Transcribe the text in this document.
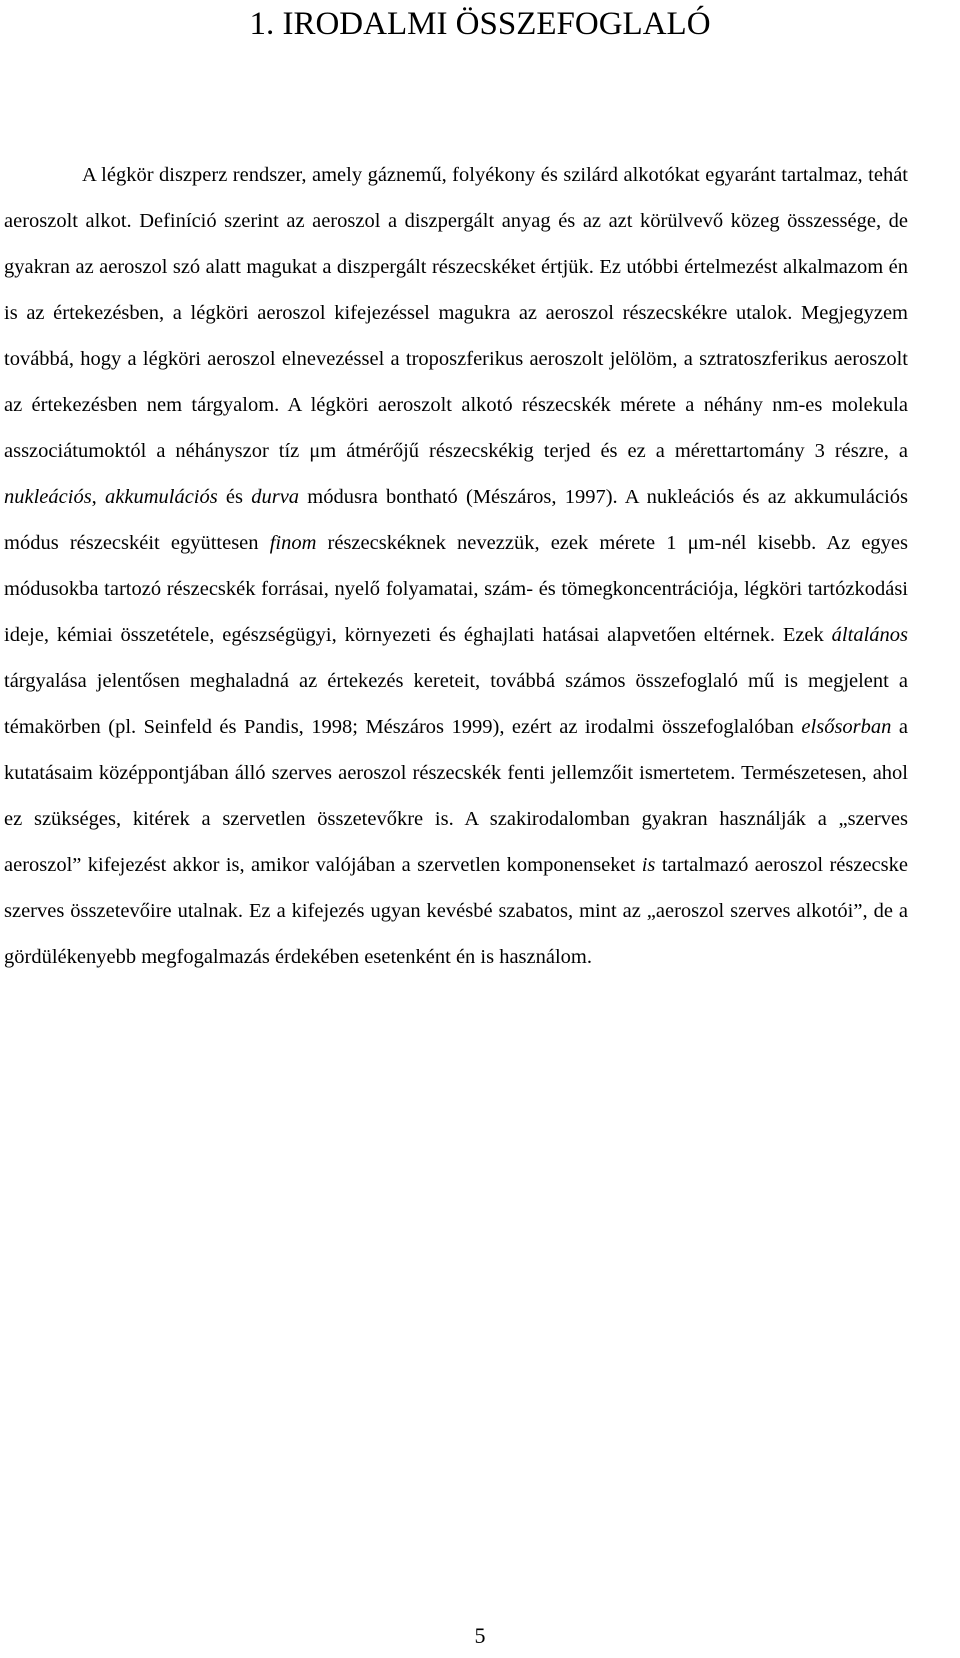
1. IRODALMI ÖSSZEFOGLALÓ

A légkör diszperz rendszer, amely gáznemű, folyékony és szilárd alkotókat egyaránt tartalmaz, tehát aeroszolt alkot. Definíció szerint az aeroszol a diszpergált anyag és az azt körülvevő közeg összessége, de gyakran az aeroszol szó alatt magukat a diszpergált részecskéket értjük. Ez utóbbi értelmezést alkalmazom én is az értekezésben, a légköri aeroszol kifejezéssel magukra az aeroszol részecskékre utalok. Megjegyzem továbbá, hogy a légköri aeroszol elnevezéssel a troposzferikus aeroszolt jelölöm, a sztratoszferikus aeroszolt az értekezésben nem tárgyalom. A légköri aeroszolt alkotó részecskék mérete a néhány nm-es molekula asszociátumoktól a néhányszor tíz μm átmérőjű részecskékig terjed és ez a mérettartomány 3 részre, a nukleációs, akkumulációs és durva módusra bontható (Mészáros, 1997). A nukleációs és az akkumulációs módus részecskéit együttesen finom részecskéknek nevezzük, ezek mérete 1 μm-nél kisebb. Az egyes módusokba tartozó részecskék forrásai, nyelő folyamatai, szám- és tömegkoncentrációja, légköri tartózkodási ideje, kémiai összetétele, egészségügyi, környezeti és éghajlati hatásai alapvetően eltérnek. Ezek általános tárgyalása jelentősen meghaladná az értekezés kereteit, továbbá számos összefoglaló mű is megjelent a témakörben (pl. Seinfeld és Pandis, 1998; Mészáros 1999), ezért az irodalmi összefoglalóban elsősorban a kutatásaim középpontjában álló szerves aeroszol részecskék fenti jellemzőit ismertetem. Természetesen, ahol ez szükséges, kitérek a szervetlen összetevőkre is. A szakirodalomban gyakran használják a „szerves aeroszol” kifejezést akkor is, amikor valójában a szervetlen komponenseket is tartalmazó aeroszol részecske szerves összetevőire utalnak. Ez a kifejezés ugyan kevésbé szabatos, mint az „aeroszol szerves alkotói”, de a gördülékenyebb megfogalmazás érdekében esetenként én is használom.

5
